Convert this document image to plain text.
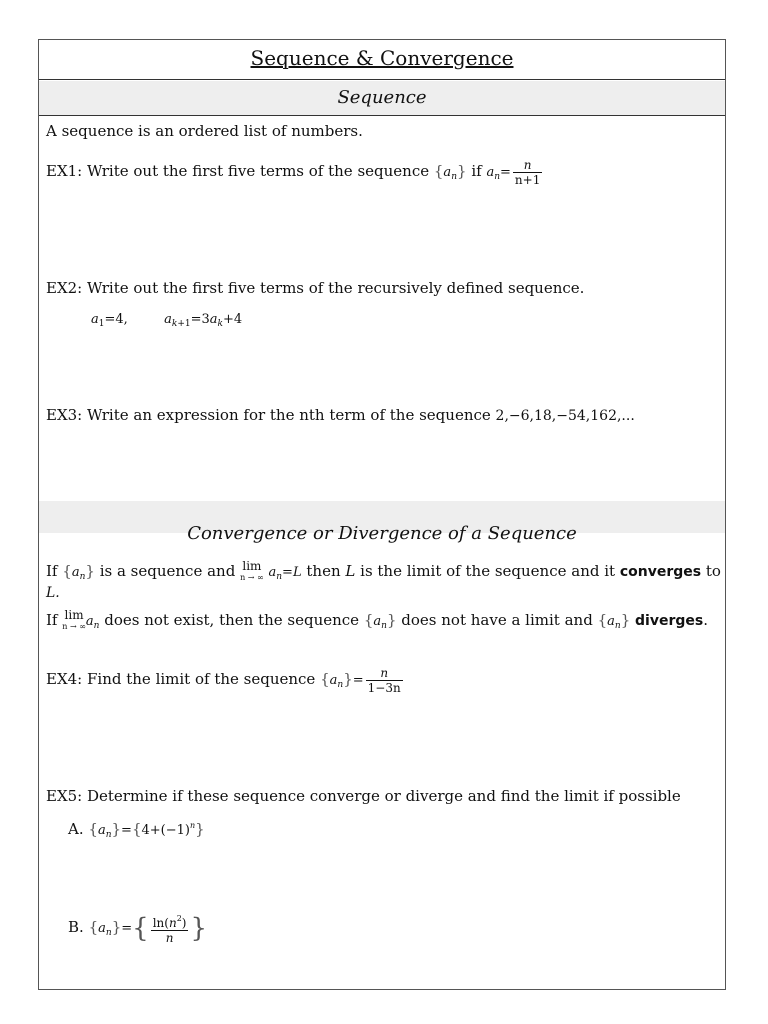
Sequence & Convergence
Sequence
A sequence is an ordered list of numbers.
EX1: Write out the first five terms of the sequence $\{a_n\}$ if $a_n= \frac{n}{n+1}$
EX2: Write out the first five terms of the recursively defined sequence.
$a_1=4$,	$a_{k+1}=3a_k+4$
EX3: Write an expression for the nth term of the sequence 2,−6,18,−54,162,...
Convergence or Divergence of a Sequence
If $\{a_n\}$ is a sequence and lim
n → ∞ $a_n=L$ then L is the limit of the sequence and it converges to
L.
If lim
n → ∞ $a_n$ does not exist, then the sequence $\{a_n\}$ does not have a limit and $\{a_n\}$ diverges.
EX4: Find the limit of the sequence $\{a_n\}= \frac{n}{1-3n}$
EX5: Determine if these sequence converge or diverge and find the limit if possible
A. $\{a_n\}=\{4+(-1)^n\}$
B. $\{a_n\}=\{ \frac{\ln(n^2)}{n}$ }
